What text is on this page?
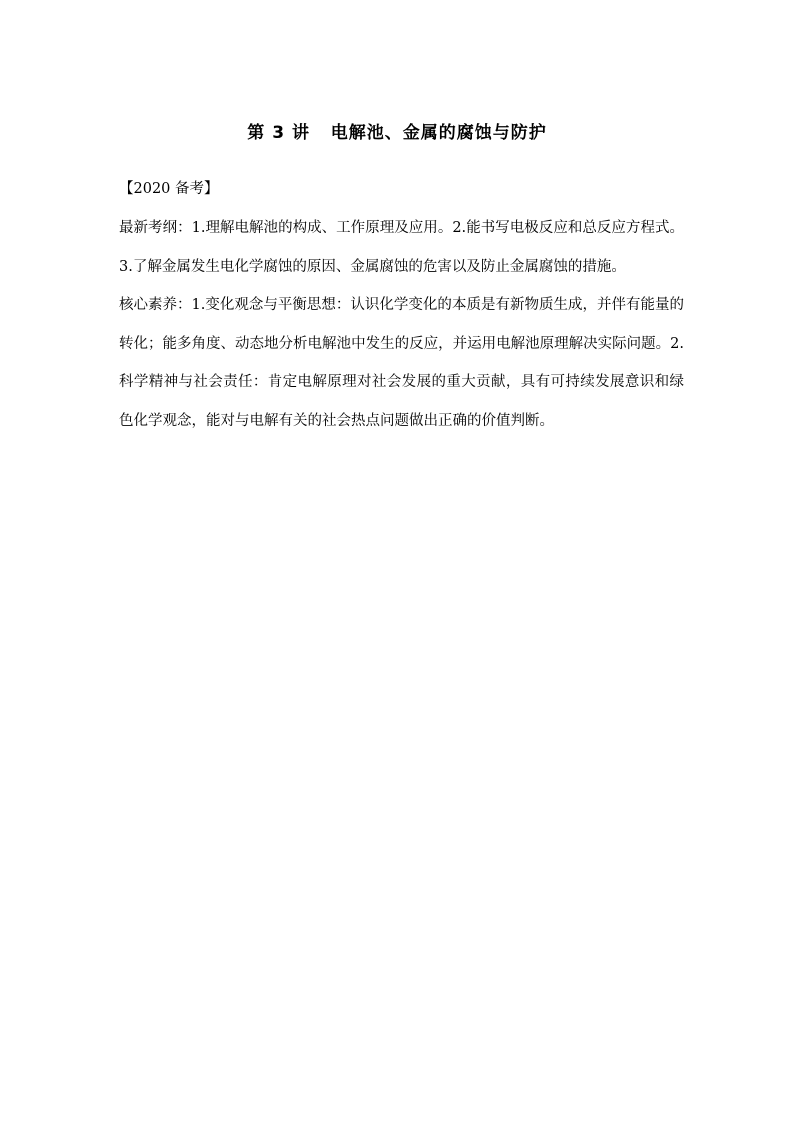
第 3 讲   电解池、金属的腐蚀与防护
【2020 备考】

最新考纲：1.理解电解池的构成、工作原理及应用。2.能书写电极反应和总反应方程式。3.了解金属发生电化学腐蚀的原因、金属腐蚀的危害以及防止金属腐蚀的措施。

核心素养：1.变化观念与平衡思想：认识化学变化的本质是有新物质生成，并伴有能量的转化；能多角度、动态地分析电解池中发生的反应，并运用电解池原理解决实际问题。2.科学精神与社会责任：肯定电解原理对社会发展的重大贡献，具有可持续发展意识和绿色化学观念，能对与电解有关的社会热点问题做出正确的价值判断。
